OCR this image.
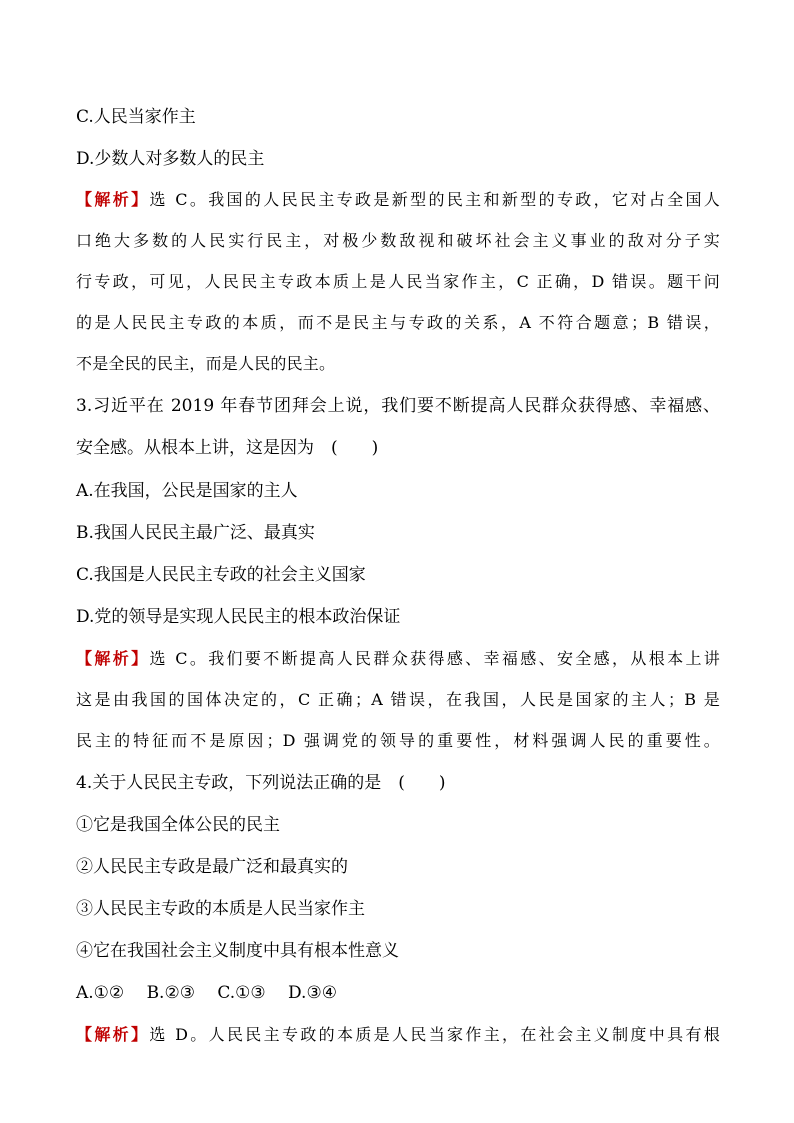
C.人民当家作主
D.少数人对多数人的民主
【解析】选 C。我国的人民民主专政是新型的民主和新型的专政，它对占全国人
口绝大多数的人民实行民主，对极少数敌视和破坏社会主义事业的敌对分子实
行专政，可见，人民民主专政本质上是人民当家作主，C 正确，D 错误。题干问
的是人民民主专政的本质，而不是民主与专政的关系，A 不符合题意；B 错误，
不是全民的民主，而是人民的民主。
3.习近平在 2019 年春节团拜会上说，我们要不断提高人民群众获得感、幸福感、
安全感。从根本上讲，这是因为　(　　)
A.在我国，公民是国家的主人
B.我国人民民主最广泛、最真实
C.我国是人民民主专政的社会主义国家
D.党的领导是实现人民民主的根本政治保证
【解析】选 C。我们要不断提高人民群众获得感、幸福感、安全感，从根本上讲
这是由我国的国体决定的，C 正确；A 错误，在我国，人民是国家的主人；B 是
民主的特征而不是原因；D 强调党的领导的重要性，材料强调人民的重要性。
4.关于人民民主专政，下列说法正确的是　(　　)
①它是我国全体公民的民主
②人民民主专政是最广泛和最真实的
③人民民主专政的本质是人民当家作主
④它在我国社会主义制度中具有根本性意义
A.①②　 B.②③　 C.①③　 D.③④
【解析】选 D。人民民主专政的本质是人民当家作主，在社会主义制度中具有根
